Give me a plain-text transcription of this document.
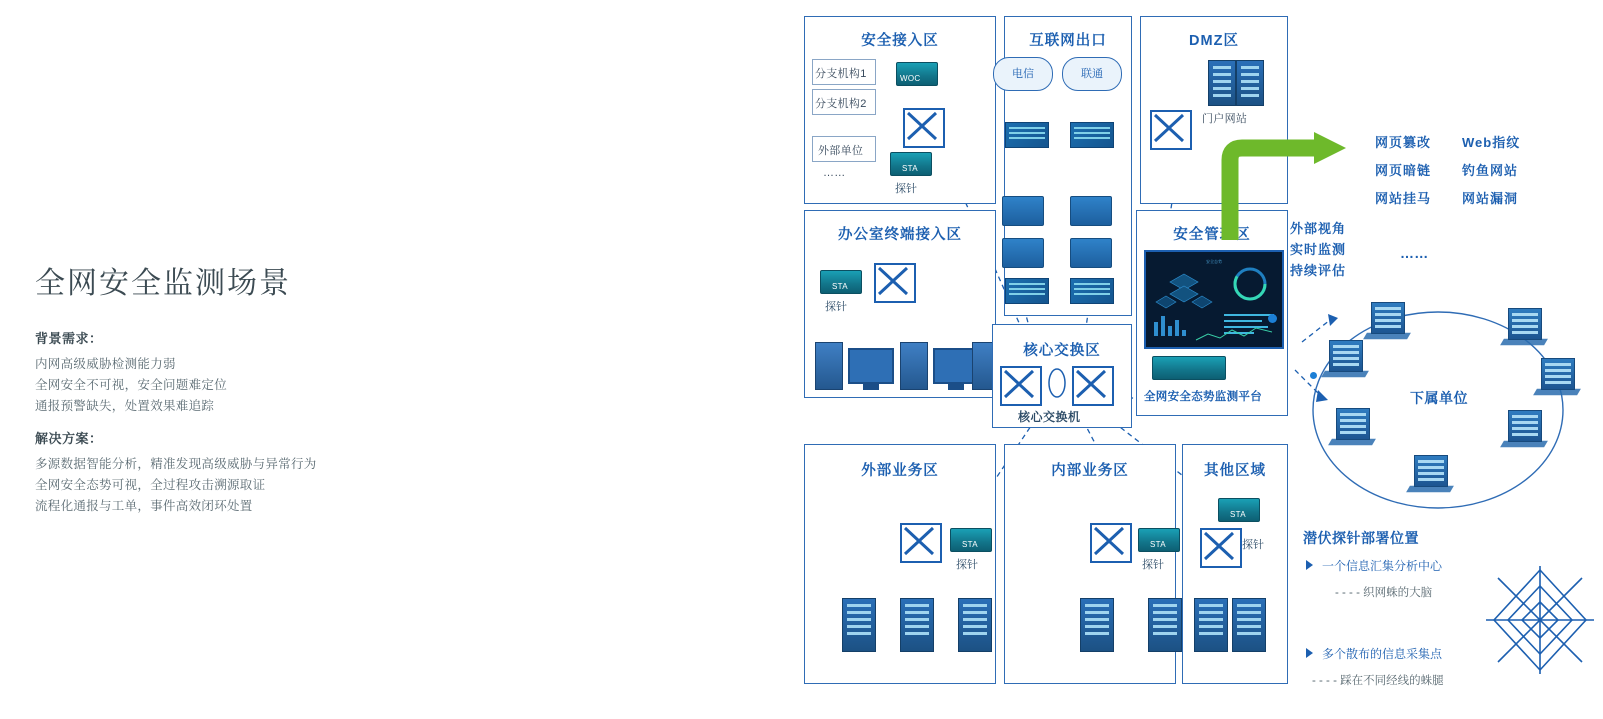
全网安全监测场景
背景需求：
内网高级威胁检测能力弱
全网安全不可视，安全问题难定位
通报预警缺失，处置效果难追踪
解决方案：
多源数据智能分析，精准发现高级威胁与异常行为
全网安全态势可视，全过程攻击溯源取证
流程化通报与工单，事件高效闭环处置
安全接入区
分支机构1
分支机构2
外部单位
……
WOC
STA
探针
互联网出口
电信	联通
DMZ区
门户网站
办公室终端接入区
STA
探针
核心交换区
核心交换机
安全管理区
安全态势
全网安全态势监测平台
外部业务区
STA
探针
内部业务区
STA
探针
其他区域
STA
探针
网页篡改 Web指纹
网页暗链 钓鱼网站
网站挂马 网站漏洞
外部视角
实时监测
持续评估
……
下属单位
潜伏探针部署位置
一个信息汇集分析中心
- - - - 织网蛛的大脑
多个散布的信息采集点
- - - - 踩在不同经线的蛛腿
